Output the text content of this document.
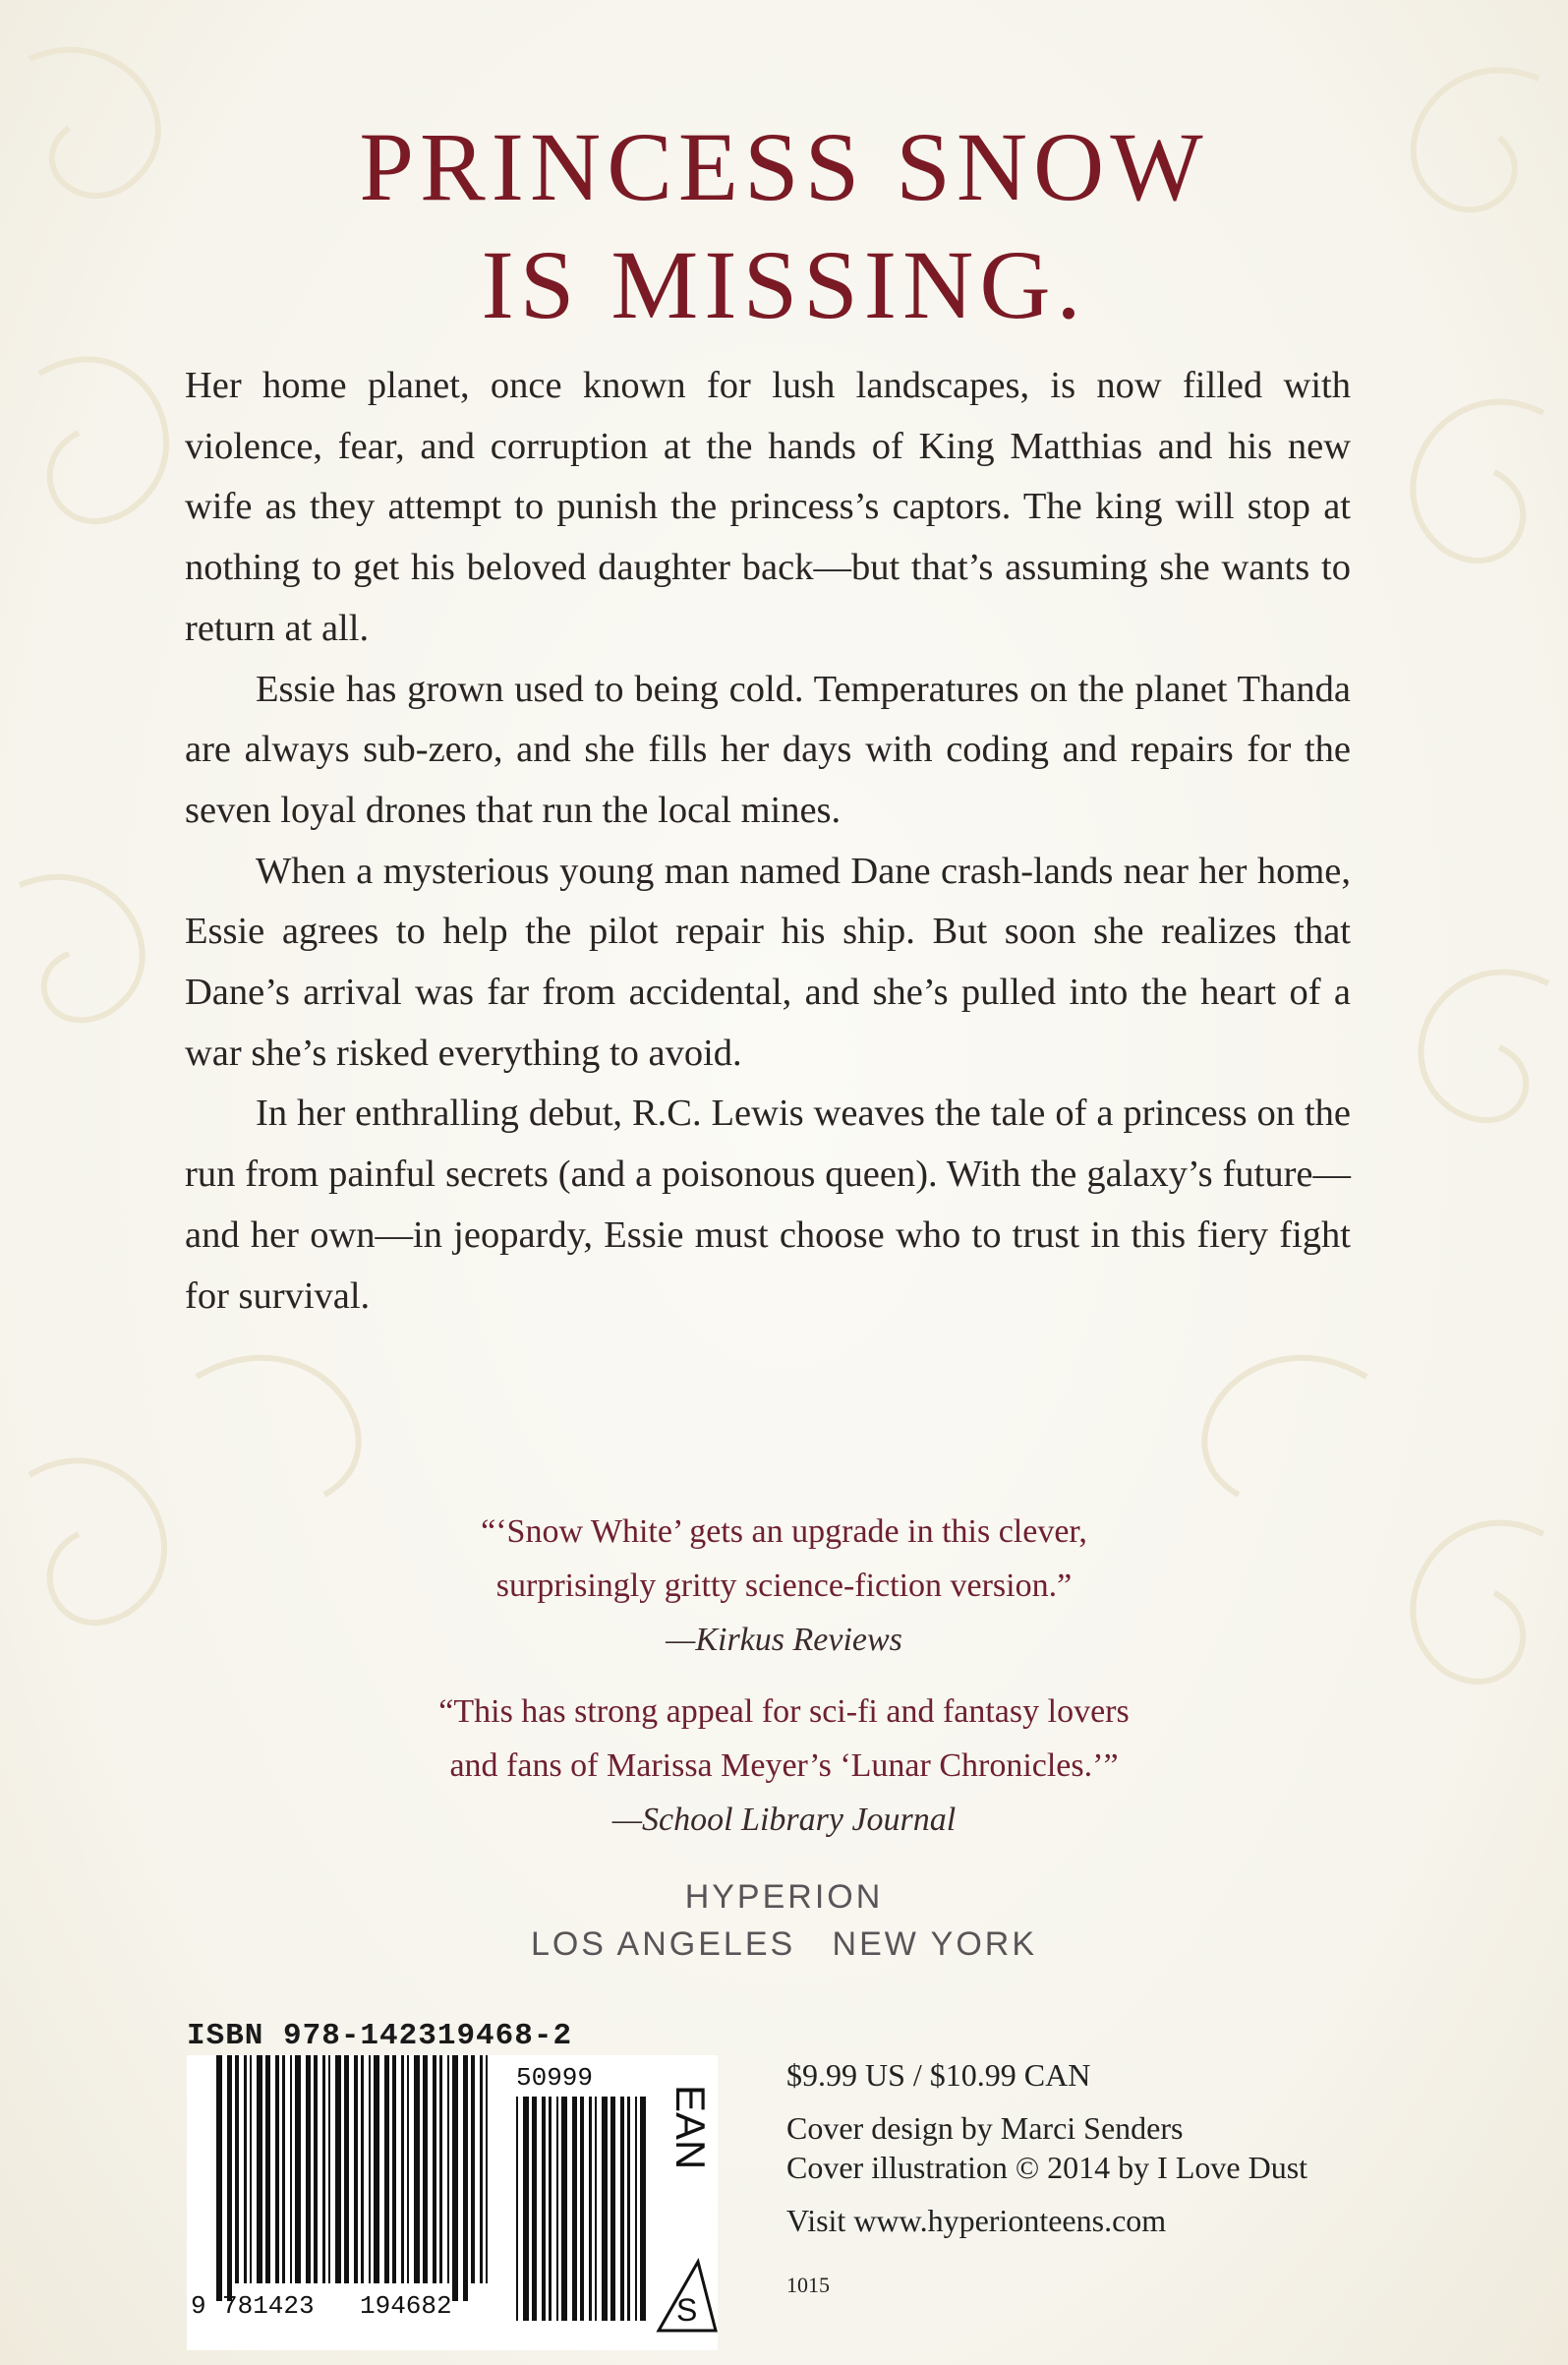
PRINCESS SNOW
IS MISSING.

Her home planet, once known for lush landscapes, is now filled with violence, fear, and corruption at the hands of King Matthias and his new wife as they attempt to punish the princess’s captors. The king will stop at nothing to get his beloved daughter back—but that’s assuming she wants to return at all.

Essie has grown used to being cold. Temperatures on the planet Thanda are always sub-zero, and she fills her days with coding and repairs for the seven loyal drones that run the local mines.

When a mysterious young man named Dane crash-lands near her home, Essie agrees to help the pilot repair his ship. But soon she realizes that Dane’s arrival was far from accidental, and she’s pulled into the heart of a war she’s risked everything to avoid.

In her enthralling debut, R.C. Lewis weaves the tale of a princess on the run from painful secrets (and a poisonous queen). With the galaxy’s future—and her own—in jeopardy, Essie must choose who to trust in this fiery fight for survival.

“‘Snow White’ gets an upgrade in this clever,

surprisingly gritty science-fiction version.”

—Kirkus Reviews

“This has strong appeal for sci-fi and fantasy lovers

and fans of Marissa Meyer’s ‘Lunar Chronicles.’”

—School Library Journal

HYPERION
LOS ANGELES   NEW YORK
ISBN 978-142319468-2
9 781423 194682
50999
EAN
S
$9.99 US / $10.99 CAN
Cover design by Marci Senders
Cover illustration © 2014 by I Love Dust
Visit www.hyperionteens.com
1015
